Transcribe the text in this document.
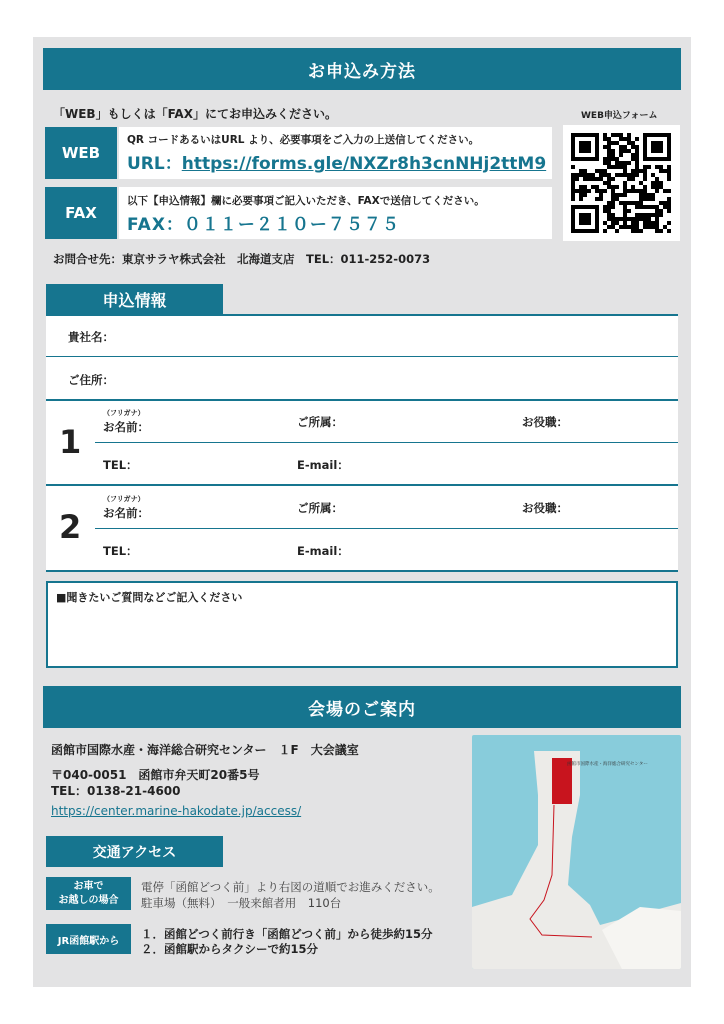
お申込み方法
「WEB」もしくは「FAX」にてお申込みください。
WEB
QR コードあるいはURL より、必要事項をご入力の上送信してください。
URL：https://forms.gle/NXZr8h3cnNHj2ttM9
FAX
以下【申込情報】欄に必要事項ご記入いただき、FAXで送信してください。
FAX：０１１ー２１０ー７５７５
WEB申込フォーム
お問合せ先：東京サラヤ株式会社　北海道支店　TEL：011-252-0073
申込情報
貴社名：
ご住所：
1
（フリガナ）
お名前：	ご所属：	お役職：
TEL：	E-mail：
2
（フリガナ）
お名前：	ご所属：	お役職：
TEL：	E-mail：
■聞きたいご質問などご記入ください
会場のご案内
函館市国際水産・海洋総合研究センター　１F　大会議室
〒040-0051　函館市弁天町20番5号
TEL：0138-21-4600
https://center.marine-hakodate.jp/access/
交通アクセス
お車で
お越しの場合
電停「函館どつく前」より右図の道順でお進みください。
駐車場（無料）　一般来館者用　110台
JR函館駅から	１．函館どつく前行き「函館どつく前」から徒歩約15分
２．函館駅からタクシーで約15分
函館市国際水産・海洋総合研究センター
